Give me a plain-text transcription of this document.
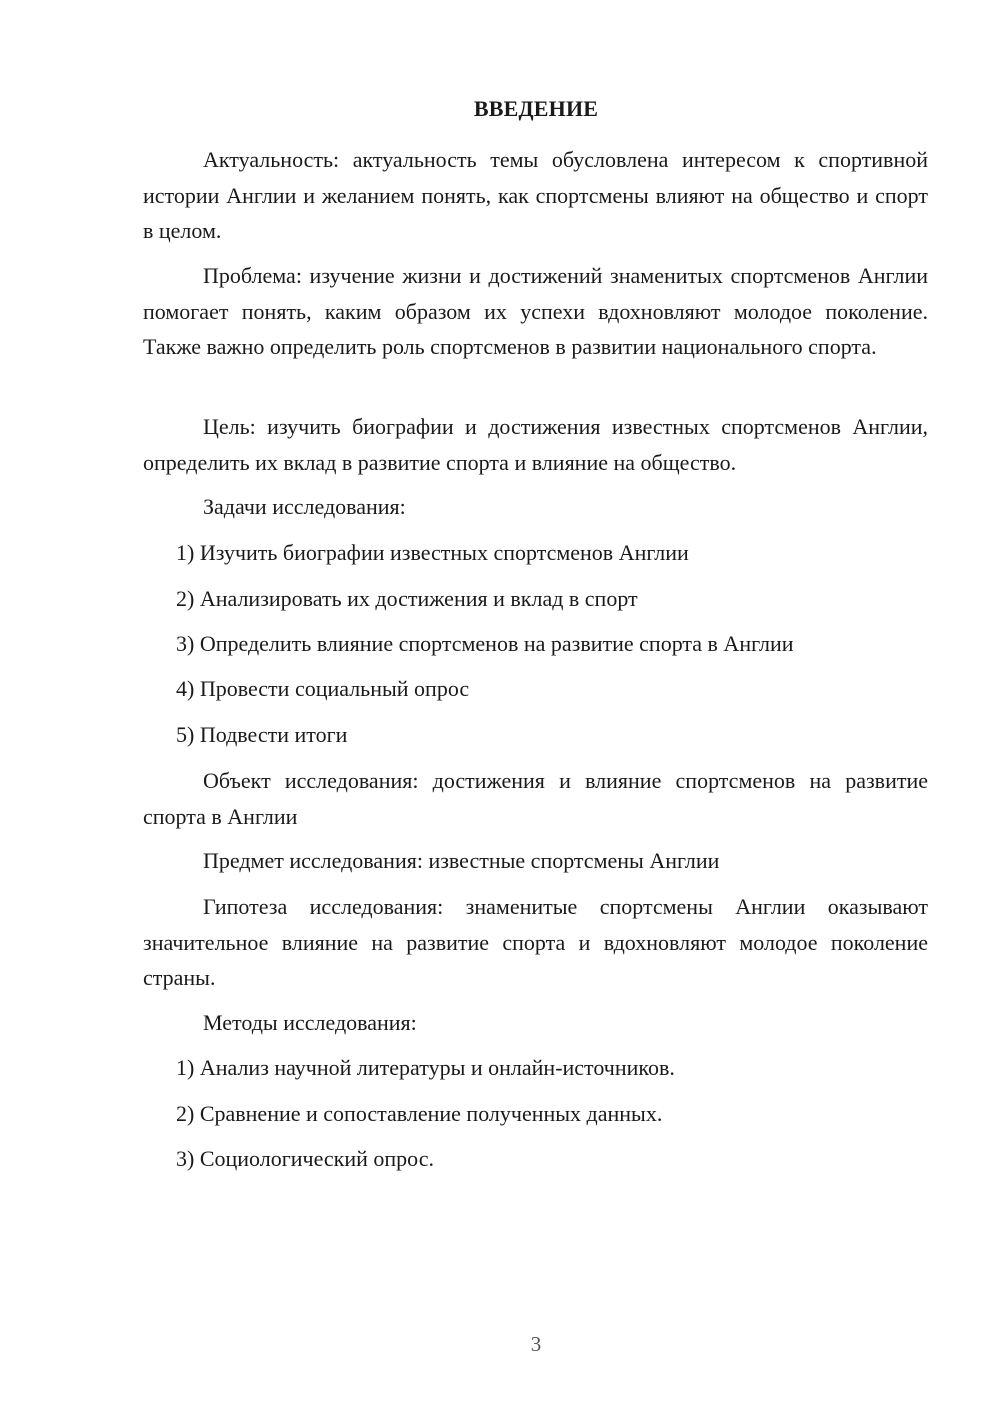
ВВЕДЕНИЕ

Актуальность: актуальность темы обусловлена интересом к спортивной истории Англии и желанием понять, как спортсмены влияют на общество и спорт в целом.

Проблема: изучение жизни и достижений знаменитых спортсменов Англии помогает понять, каким образом их успехи вдохновляют молодое поколение. Также важно определить роль спортсменов в развитии национального спорта.

Цель: изучить биографии и достижения известных спортсменов Англии, определить их вклад в развитие спорта и влияние на общество.

Задачи исследования:

1) Изучить биографии известных спортсменов Англии
2) Анализировать их достижения и вклад в спорт
3) Определить влияние спортсменов на развитие спорта в Англии
4) Провести социальный опрос
5) Подвести итоги

Объект исследования: достижения и влияние спортсменов на развитие спорта в Англии

Предмет исследования: известные спортсмены Англии

Гипотеза исследования: знаменитые спортсмены Англии оказывают значительное влияние на развитие спорта и вдохновляют молодое поколение страны.

Методы исследования:

1) Анализ научной литературы и онлайн-источников.
2) Сравнение и сопоставление полученных данных.
3) Социологический опрос.
3
